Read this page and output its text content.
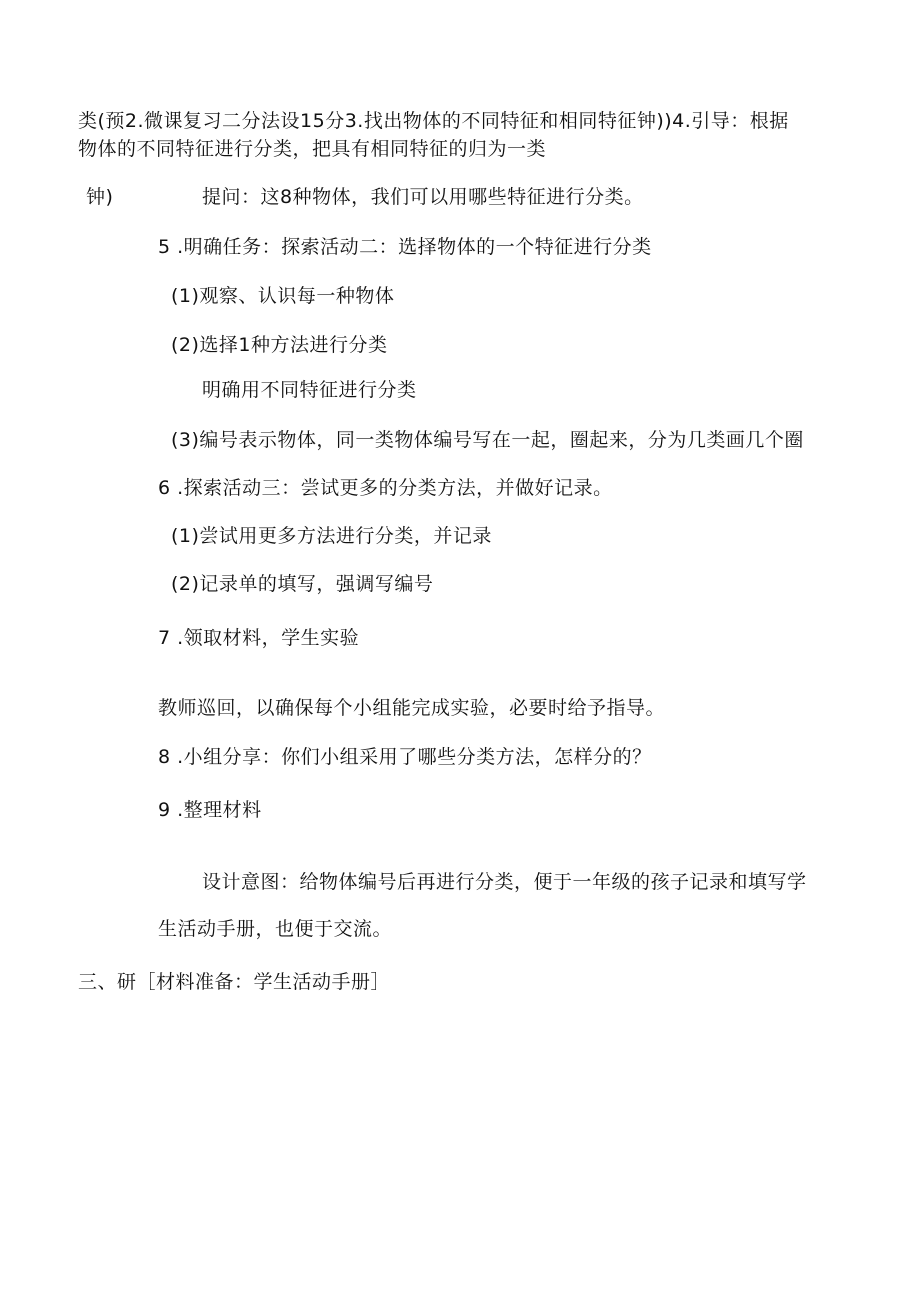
类(预2.微课复习二分法设15分3.找出物体的不同特征和相同特征钟))4.引导：根据
物体的不同特征进行分类，把具有相同特征的归为一类
钟)	提问：这8种物体，我们可以用哪些特征进行分类。
5 .明确任务：探索活动二：选择物体的一个特征进行分类
(1)观察、认识每一种物体
(2)选择1种方法进行分类
明确用不同特征进行分类
(3)编号表示物体，同一类物体编号写在一起，圈起来，分为几类画几个圈
6 .探索活动三：尝试更多的分类方法，并做好记录。
(1)尝试用更多方法进行分类，并记录
(2)记录单的填写，强调写编号
7 .领取材料，学生实验
教师巡回，以确保每个小组能完成实验，必要时给予指导。
8 .小组分享：你们小组采用了哪些分类方法，怎样分的？
9 .整理材料
设计意图：给物体编号后再进行分类，便于一年级的孩子记录和填写学
生活动手册，也便于交流。
三、研［材料准备：学生活动手册］
